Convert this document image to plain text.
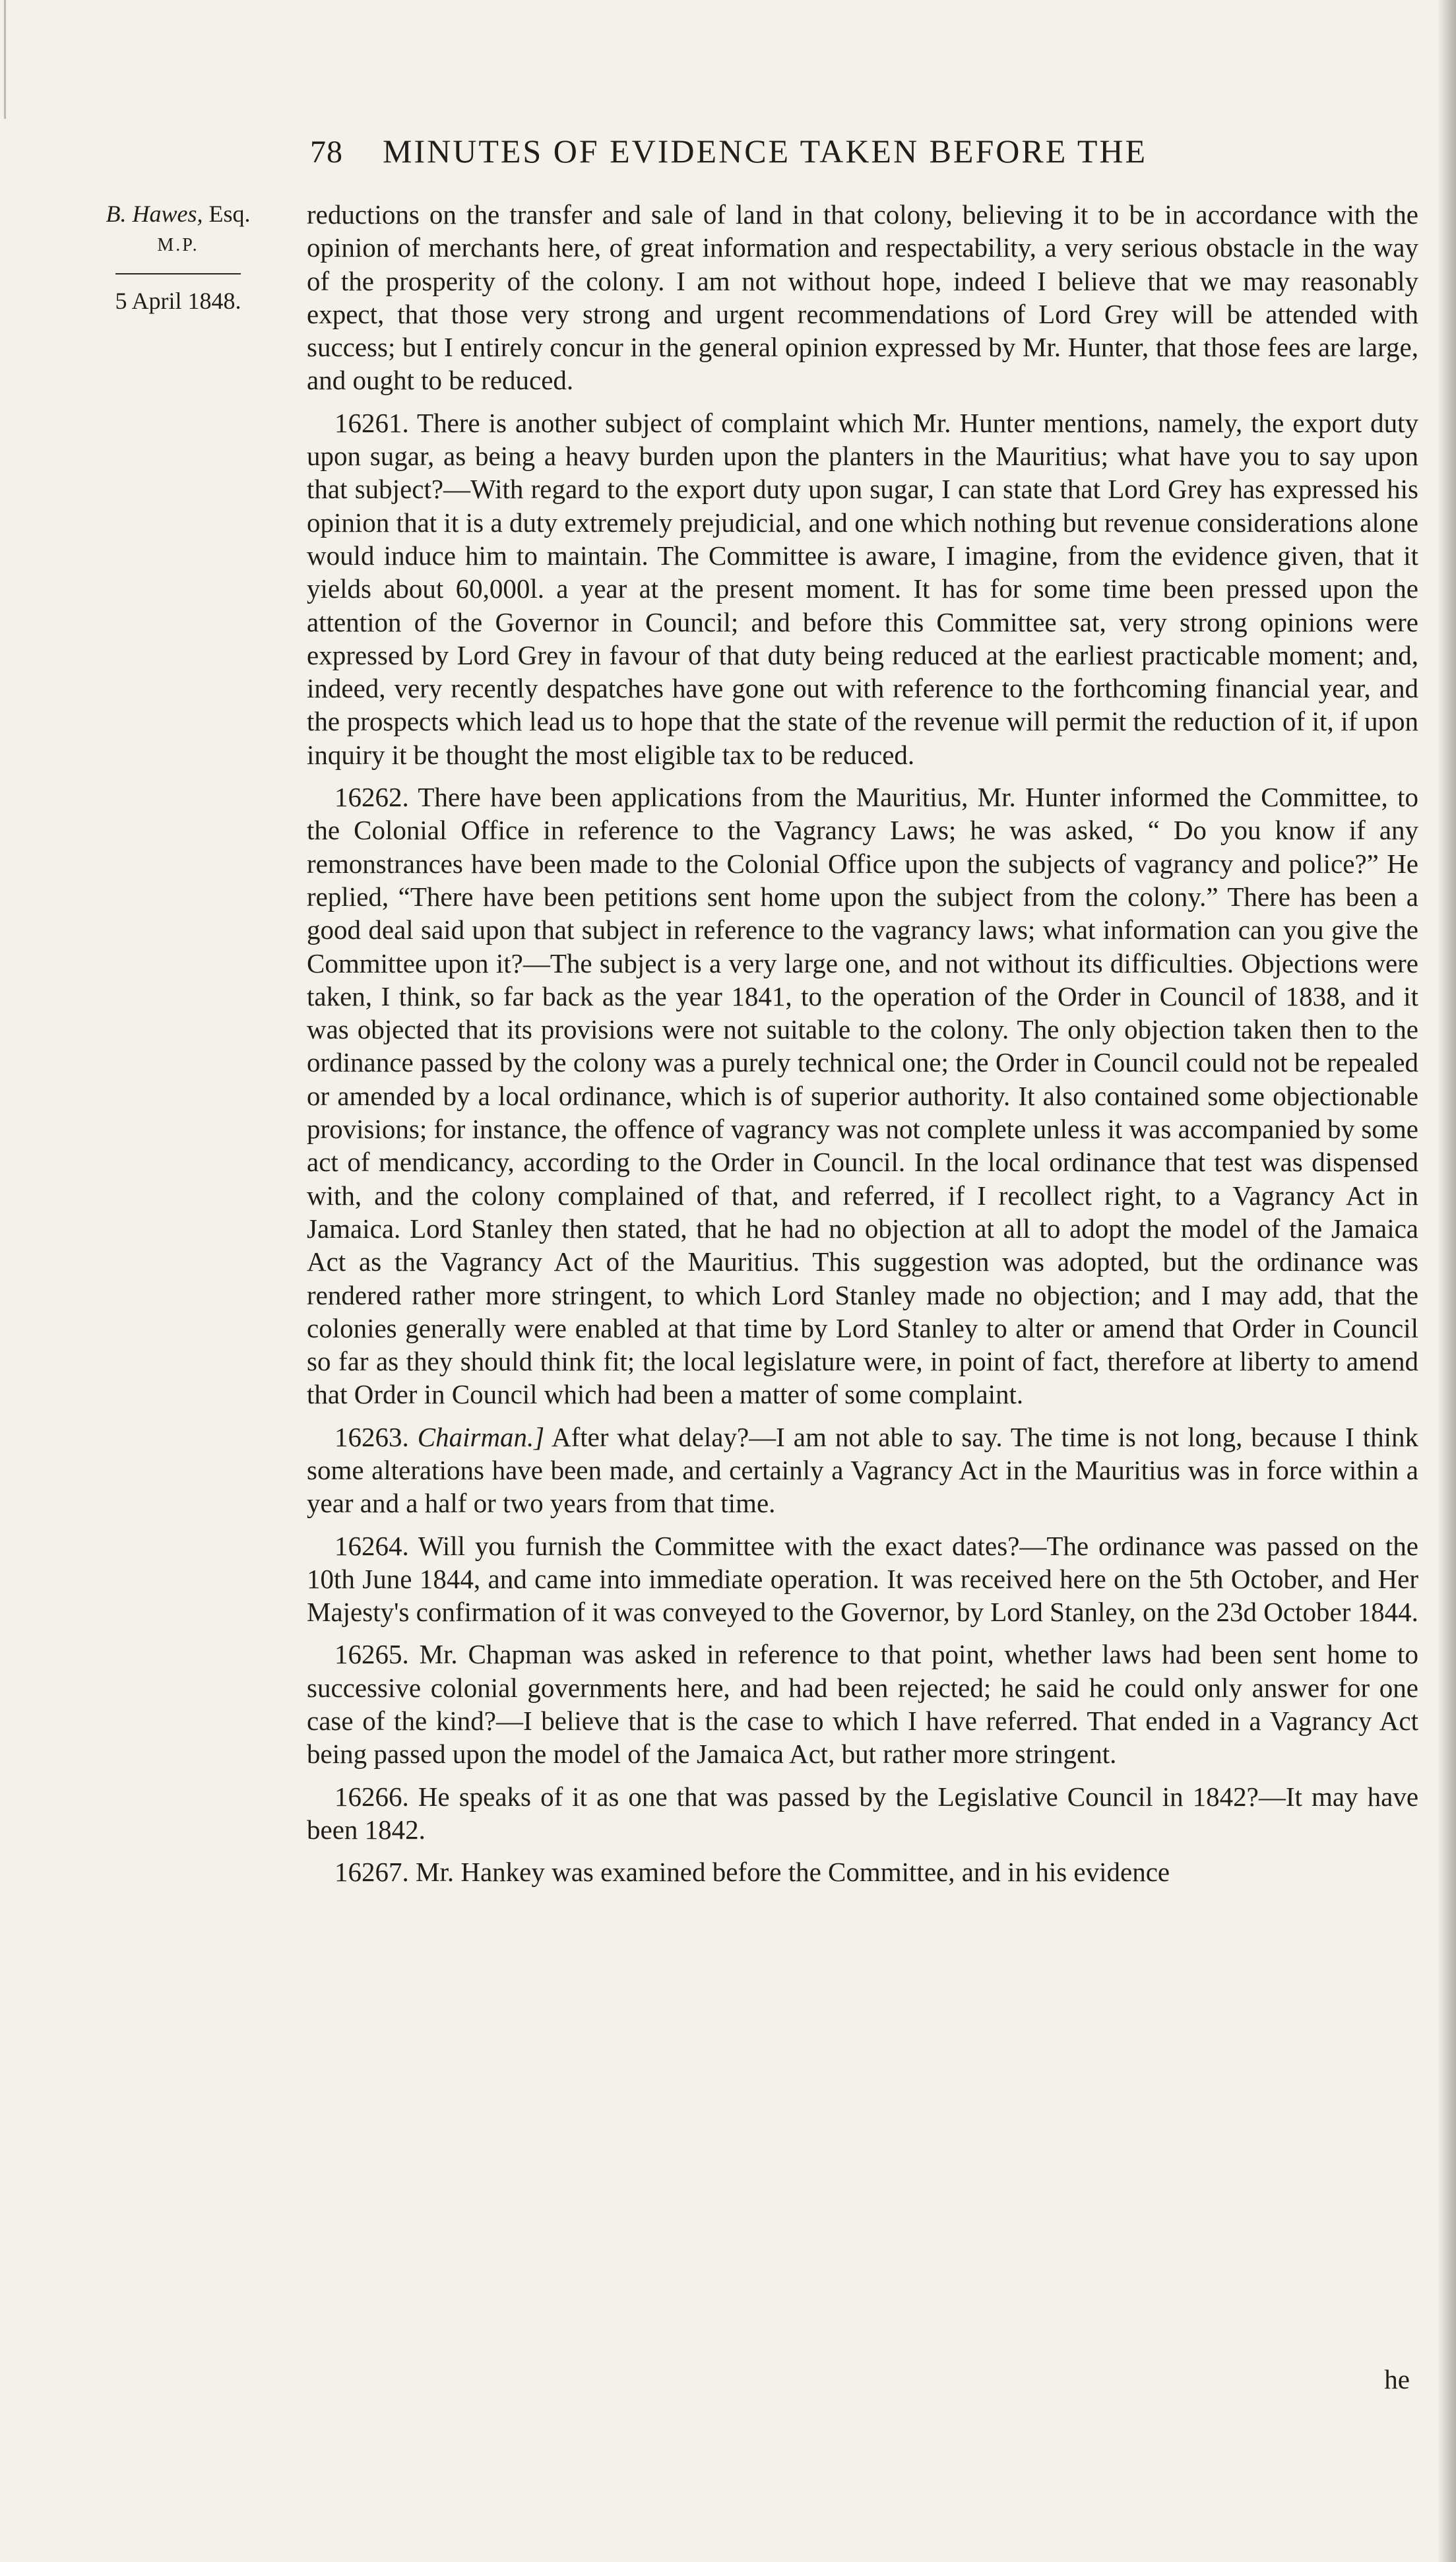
78 MINUTES OF EVIDENCE TAKEN BEFORE THE
B. Hawes, Esq.
M.P.
5 April 1848.

reductions on the transfer and sale of land in that colony, believing it to be in accordance with the opinion of merchants here, of great information and respectability, a very serious obstacle in the way of the prosperity of the colony. I am not without hope, indeed I believe that we may reasonably expect, that those very strong and urgent recommendations of Lord Grey will be attended with success; but I entirely concur in the general opinion expressed by Mr. Hunter, that those fees are large, and ought to be reduced.

16261. There is another subject of complaint which Mr. Hunter mentions, namely, the export duty upon sugar, as being a heavy burden upon the planters in the Mauritius; what have you to say upon that subject?—With regard to the export duty upon sugar, I can state that Lord Grey has expressed his opinion that it is a duty extremely prejudicial, and one which nothing but revenue considerations alone would induce him to maintain. The Committee is aware, I imagine, from the evidence given, that it yields about 60,000l. a year at the present moment. It has for some time been pressed upon the attention of the Governor in Council; and before this Committee sat, very strong opinions were expressed by Lord Grey in favour of that duty being reduced at the earliest practicable moment; and, indeed, very recently despatches have gone out with reference to the forthcoming financial year, and the prospects which lead us to hope that the state of the revenue will permit the reduction of it, if upon inquiry it be thought the most eligible tax to be reduced.

16262. There have been applications from the Mauritius, Mr. Hunter informed the Committee, to the Colonial Office in reference to the Vagrancy Laws; he was asked, “ Do you know if any remonstrances have been made to the Colonial Office upon the subjects of vagrancy and police?” He replied, “There have been petitions sent home upon the subject from the colony.” There has been a good deal said upon that subject in reference to the vagrancy laws; what information can you give the Committee upon it?—The subject is a very large one, and not without its difficulties. Objections were taken, I think, so far back as the year 1841, to the operation of the Order in Council of 1838, and it was objected that its provisions were not suitable to the colony. The only objection taken then to the ordinance passed by the colony was a purely technical one; the Order in Council could not be repealed or amended by a local ordinance, which is of superior authority. It also contained some objectionable provisions; for instance, the offence of vagrancy was not complete unless it was accompanied by some act of mendicancy, according to the Order in Council. In the local ordinance that test was dispensed with, and the colony complained of that, and referred, if I recollect right, to a Vagrancy Act in Jamaica. Lord Stanley then stated, that he had no objection at all to adopt the model of the Jamaica Act as the Vagrancy Act of the Mauritius. This suggestion was adopted, but the ordinance was rendered rather more stringent, to which Lord Stanley made no objection; and I may add, that the colonies generally were enabled at that time by Lord Stanley to alter or amend that Order in Council so far as they should think fit; the local legislature were, in point of fact, therefore at liberty to amend that Order in Council which had been a matter of some complaint.

16263. Chairman.] After what delay?—I am not able to say. The time is not long, because I think some alterations have been made, and certainly a Vagrancy Act in the Mauritius was in force within a year and a half or two years from that time.

16264. Will you furnish the Committee with the exact dates?—The ordinance was passed on the 10th June 1844, and came into immediate operation. It was received here on the 5th October, and Her Majesty's confirmation of it was conveyed to the Governor, by Lord Stanley, on the 23d October 1844.

16265. Mr. Chapman was asked in reference to that point, whether laws had been sent home to successive colonial governments here, and had been rejected; he said he could only answer for one case of the kind?—I believe that is the case to which I have referred. That ended in a Vagrancy Act being passed upon the model of the Jamaica Act, but rather more stringent.

16266. He speaks of it as one that was passed by the Legislative Council in 1842?—It may have been 1842.

16267. Mr. Hankey was examined before the Committee, and in his evidence

he
